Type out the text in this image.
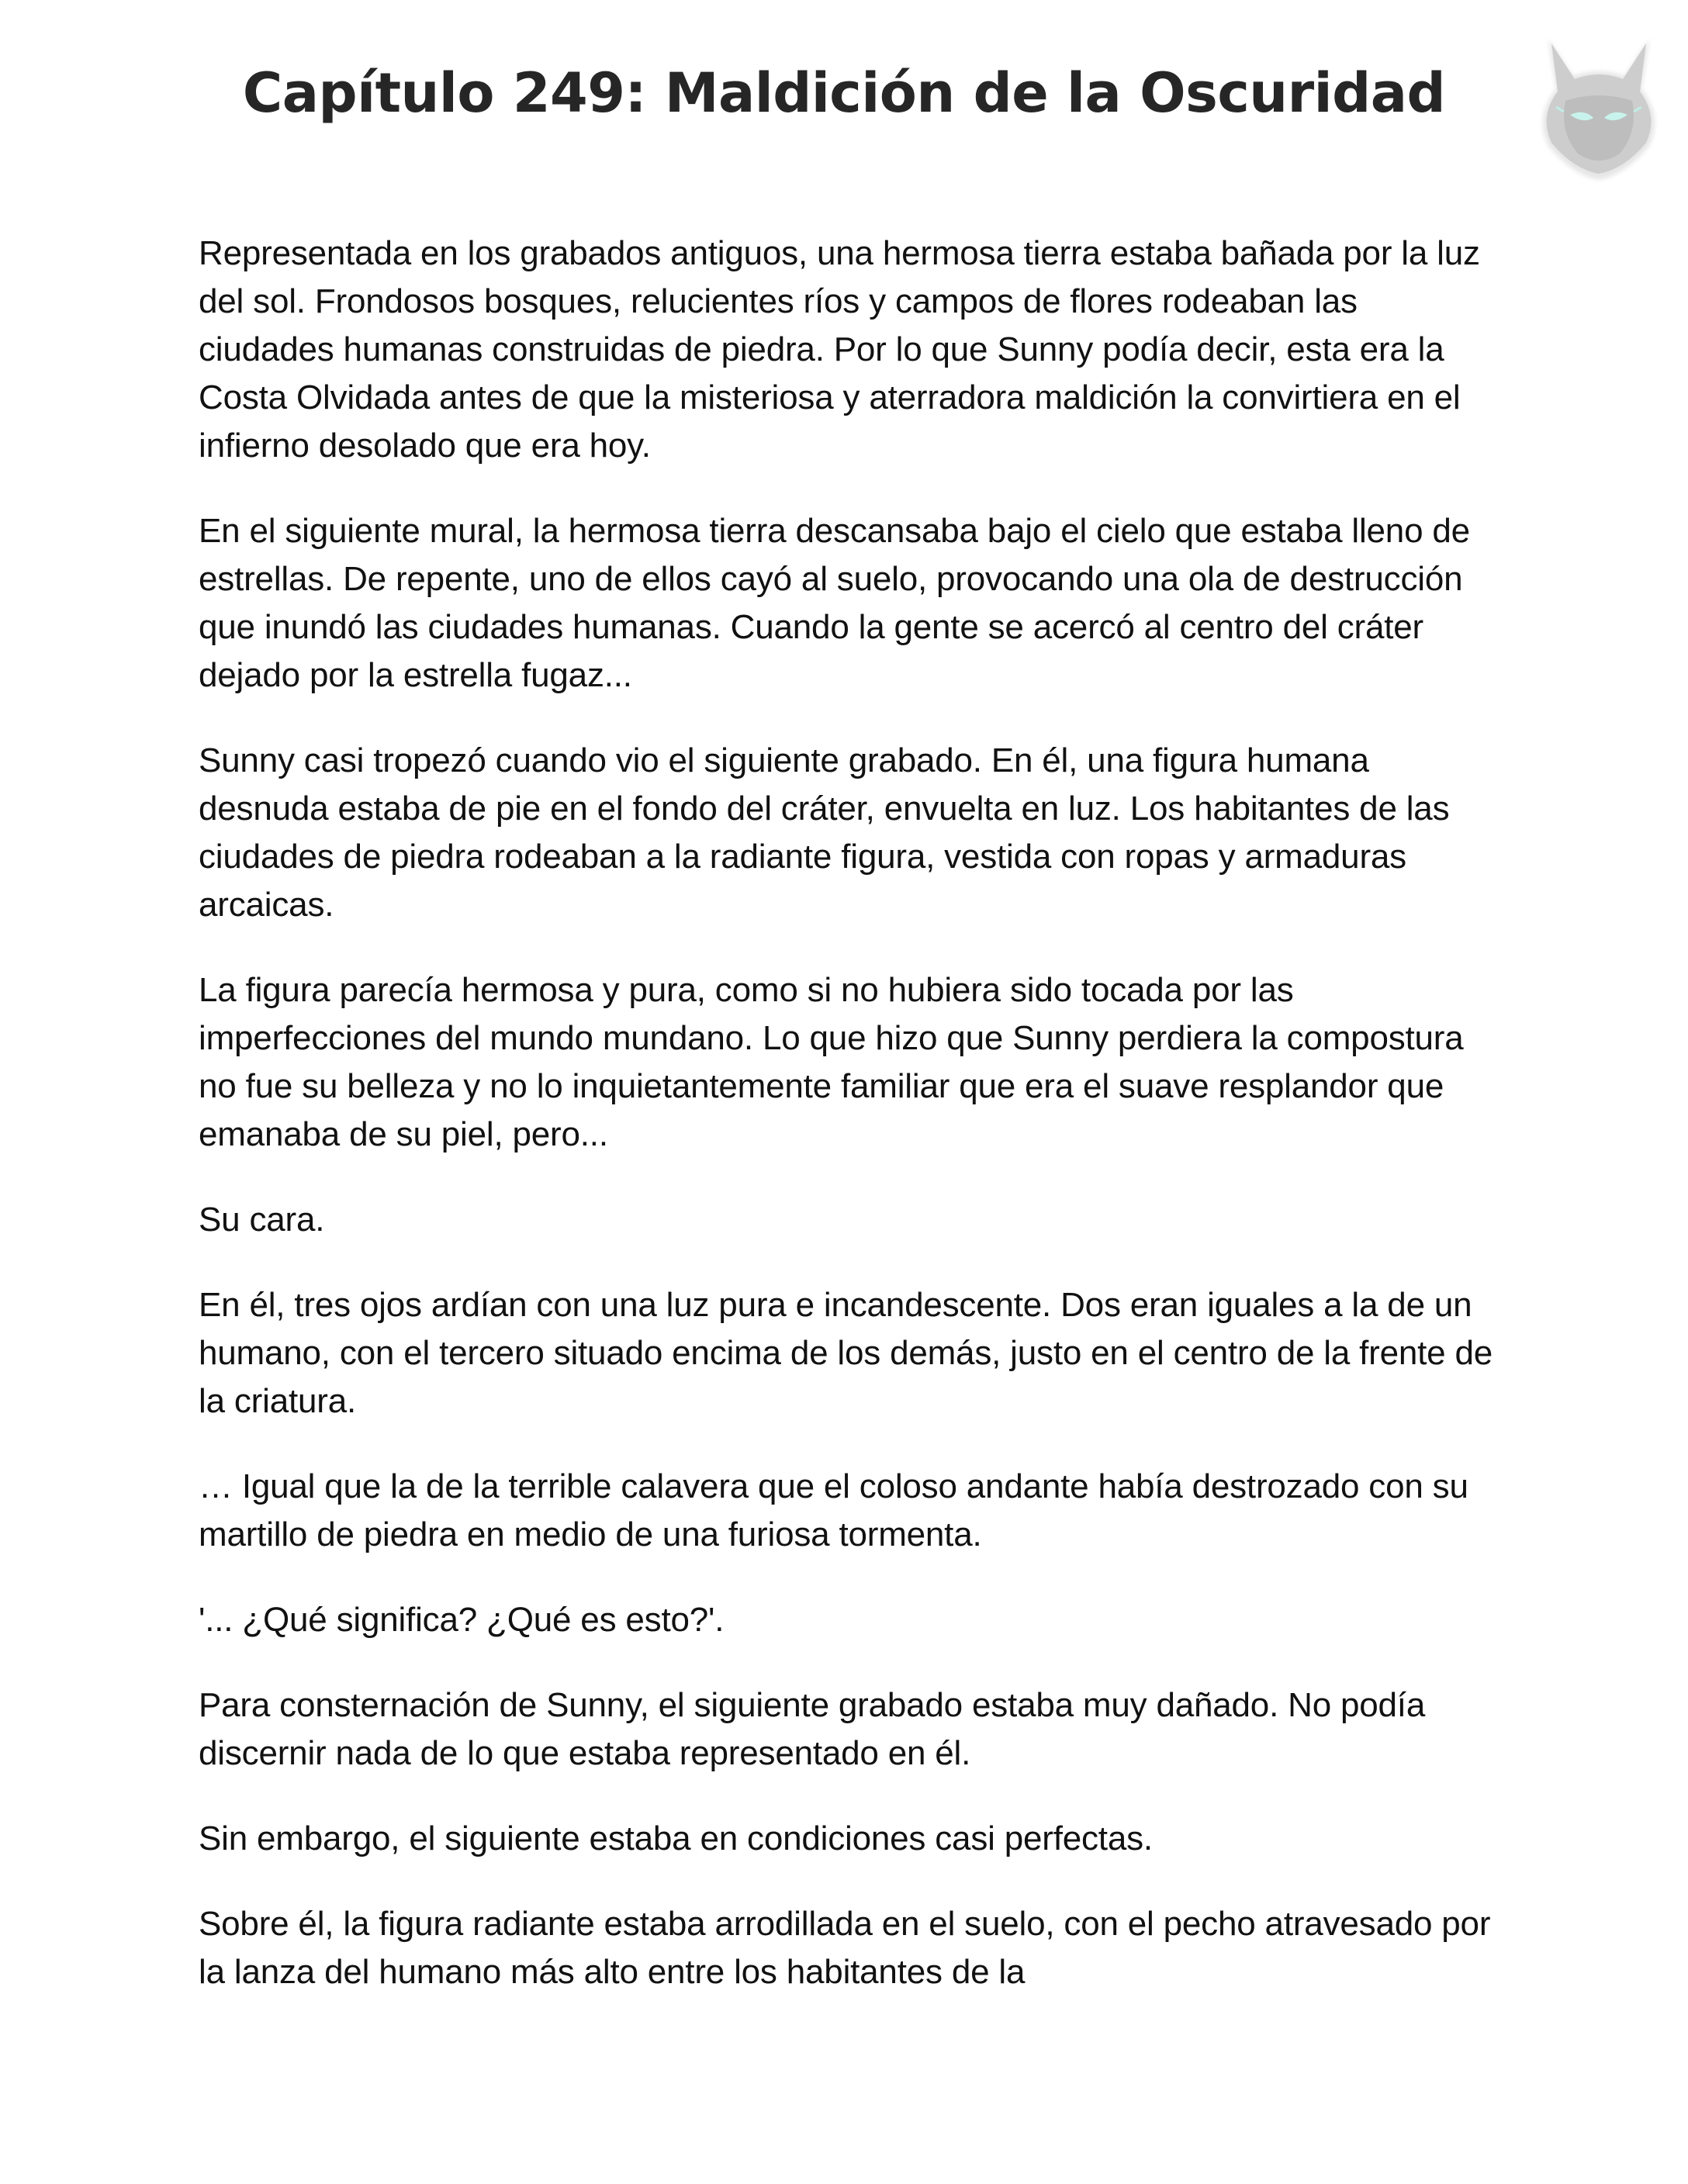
Capítulo 249: Maldición de la Oscuridad

Representada en los grabados antiguos, una hermosa tierra estaba bañada por la luz del sol. Frondosos bosques, relucientes ríos y campos de flores rodeaban las ciudades humanas construidas de piedra. Por lo que Sunny podía decir, esta era la Costa Olvidada antes de que la misteriosa y aterradora maldición la convirtiera en el infierno desolado que era hoy.

En el siguiente mural, la hermosa tierra descansaba bajo el cielo que estaba lleno de estrellas. De repente, uno de ellos cayó al suelo, provocando una ola de destrucción que inundó las ciudades humanas. Cuando la gente se acercó al centro del cráter dejado por la estrella fugaz...

Sunny casi tropezó cuando vio el siguiente grabado. En él, una figura humana desnuda estaba de pie en el fondo del cráter, envuelta en luz. Los habitantes de las ciudades de piedra rodeaban a la radiante figura, vestida con ropas y armaduras arcaicas.

La figura parecía hermosa y pura, como si no hubiera sido tocada por las imperfecciones del mundo mundano. Lo que hizo que Sunny perdiera la compostura no fue su belleza y no lo inquietantemente familiar que era el suave resplandor que emanaba de su piel, pero...

Su cara.

En él, tres ojos ardían con una luz pura e incandescente. Dos eran iguales a la de un humano, con el tercero situado encima de los demás, justo en el centro de la frente de la criatura.

… Igual que la de la terrible calavera que el coloso andante había destrozado con su martillo de piedra en medio de una furiosa tormenta.

'... ¿Qué significa? ¿Qué es esto?'.

Para consternación de Sunny, el siguiente grabado estaba muy dañado. No podía discernir nada de lo que estaba representado en él.

Sin embargo, el siguiente estaba en condiciones casi perfectas.

Sobre él, la figura radiante estaba arrodillada en el suelo, con el pecho atravesado por la lanza del humano más alto entre los habitantes de la
